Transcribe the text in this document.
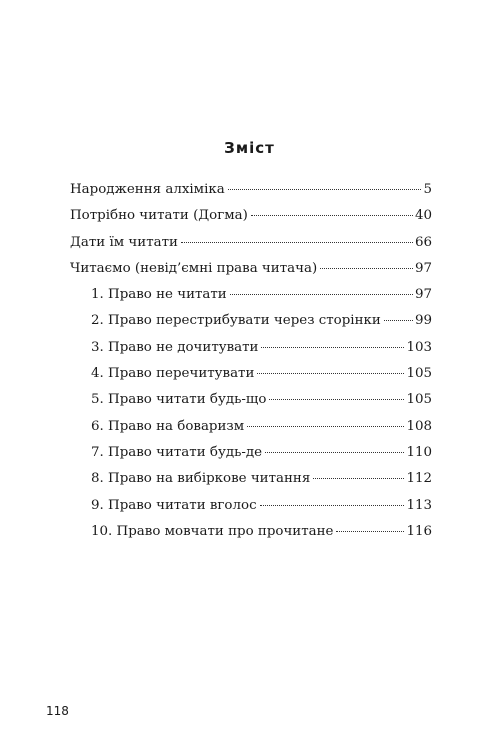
Зміст
Народження алхіміка	5
Потрібно читати (Догма)	40
Дати їм читати	66
Читаємо (невід’ємні права читача)	97
1. Право не читати	97
2. Право перестрибувати через сторінки	99
3. Право не дочитувати	103
4. Право перечитувати	105
5. Право читати будь-що	105
6. Право на боваризм	108
7. Право читати будь-де	110
8. Право на вибіркове читання	112
9. Право читати вголос	113
10. Право мовчати про прочитане	116
118
